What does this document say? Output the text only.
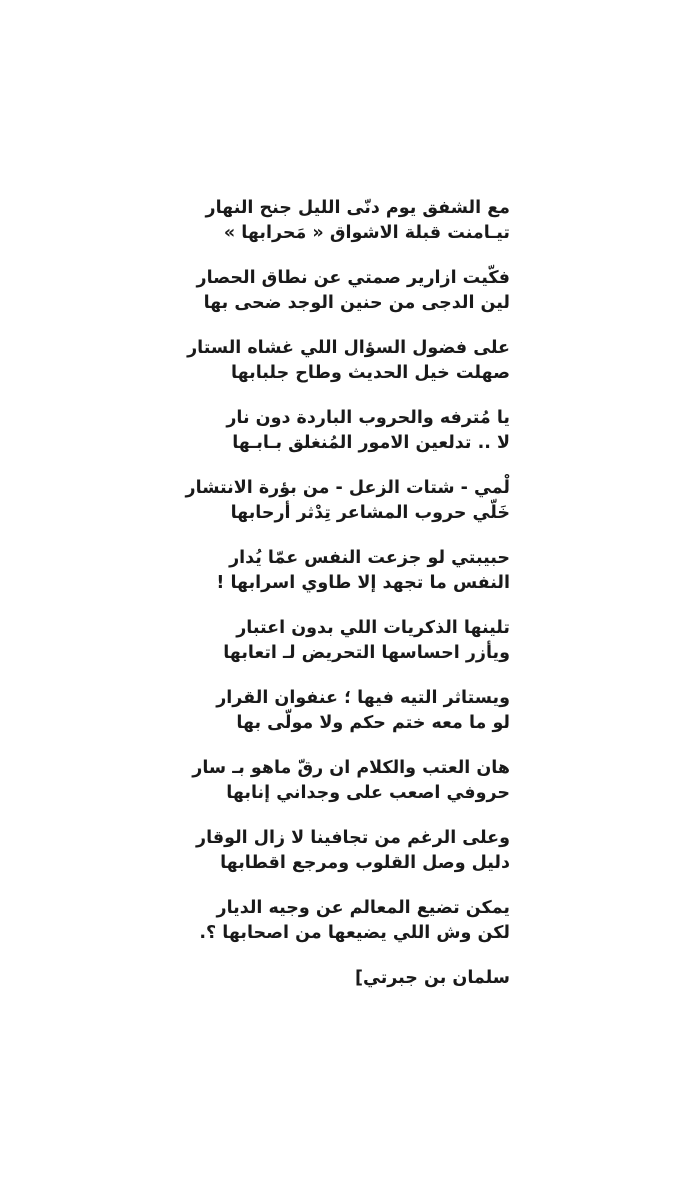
مع الشفق يوم دنّى الليل جنح النهار
تيـامنت قبلة الاشواق « مَحرابها »
فكّيت ازارير صمتي عن نطاق الحصار
لين الدجى من حنين الوجد ضحى بها
على فضول السؤال اللي غشاه الستار
صهلت خيل الحديث وطاح جلبابها
يا مُترفه والحروب الباردة دون نار
لا .. تدلعين الامور المُنغلق بـابـها
لْمي - شتات الزعل - من بؤرة الانتشار
خَلّي حروب المشاعر تِدْثر أرحابها
حبيبتي لو جزعت النفس عمّا يُدار
النفس ما تجهد إلا طاوي اسرابها !
تلينها الذكريات اللي بدون اعتبار
ويأزر احساسها التحريض لـ اتعابها
ويستاثر التيه فيها ؛ عنفوان القرار
لو ما معه ختم حكم ولا مولّى بها
هان العتب والكلام ان رقّ ماهو بـ سار
حروفي اصعب على وجداني إنابها
وعلى الرغم من تجافينا لا زال الوقار
دليل وصل القلوب ومرجع اقطابها
يمكن تضيع المعالم عن وجيه الديار
لكن وش اللي يضيعها من اصحابها ؟.
سلمان بن جبرتي]
